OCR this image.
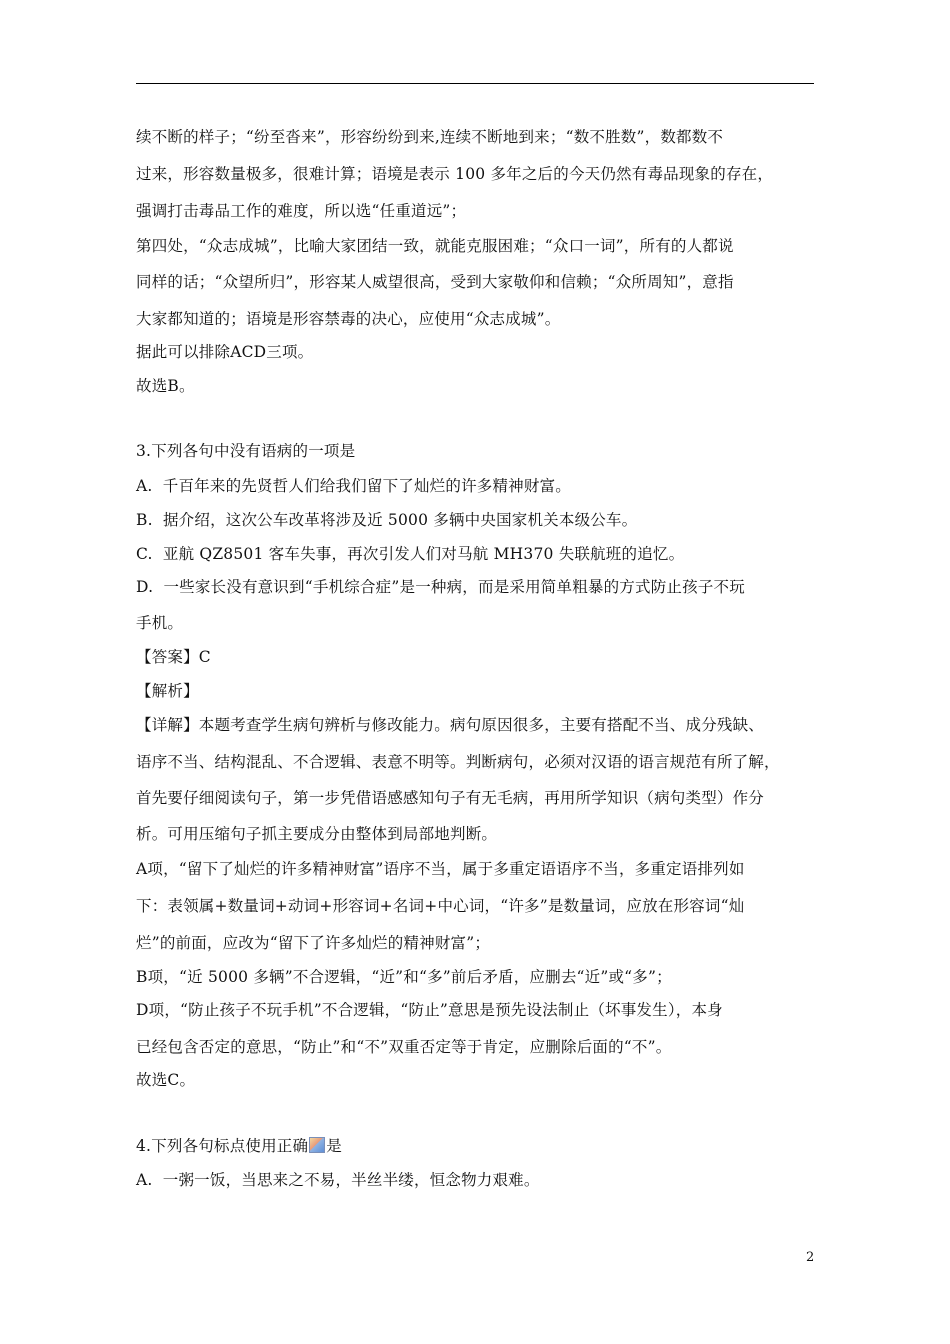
续不断的样子；“纷至沓来”，形容纷纷到来,连续不断地到来；“数不胜数”，数都数不
过来，形容数量极多，很难计算；语境是表示 100 多年之后的今天仍然有毒品现象的存在，
强调打击毒品工作的难度，所以选“任重道远”；
第四处，“众志成城”，比喻大家团结一致，就能克服困难；“众口一词”，所有的人都说
同样的话；“众望所归”，形容某人威望很高，受到大家敬仰和信赖；“众所周知”，意指
大家都知道的；语境是形容禁毒的决心，应使用“众志成城”。
据此可以排除ACD三项。
故选B。
3.下列各句中没有语病的一项是
A.  千百年来的先贤哲人们给我们留下了灿烂的许多精神财富。
B.  据介绍，这次公车改革将涉及近 5000 多辆中央国家机关本级公车。
C.  亚航 QZ8501 客车失事，再次引发人们对马航 MH370 失联航班的追忆。
D.  一些家长没有意识到“手机综合症”是一种病，而是采用简单粗暴的方式防止孩子不玩
手机。
【答案】C
【解析】
【详解】本题考查学生病句辨析与修改能力。病句原因很多，主要有搭配不当、成分残缺、
语序不当、结构混乱、不合逻辑、表意不明等。判断病句，必须对汉语的语言规范有所了解，
首先要仔细阅读句子，第一步凭借语感感知句子有无毛病，再用所学知识（病句类型）作分
析。可用压缩句子抓主要成分由整体到局部地判断。
A项，“留下了灿烂的许多精神财富”语序不当，属于多重定语语序不当，多重定语排列如
下：表领属+数量词+动词+形容词+名词+中心词，“许多”是数量词，应放在形容词“灿
烂”的前面，应改为“留下了许多灿烂的精神财富”；
B项，“近 5000 多辆”不合逻辑，“近”和“多”前后矛盾，应删去“近”或“多”；
D项，“防止孩子不玩手机”不合逻辑，“防止”意思是预先设法制止（坏事发生），本身
已经包含否定的意思，“防止”和“不”双重否定等于肯定，应删除后面的“不”。
故选C。
4.下列各句标点使用正确 是
A.  一粥一饭，当思来之不易，半丝半缕，恒念物力艰难。
2
